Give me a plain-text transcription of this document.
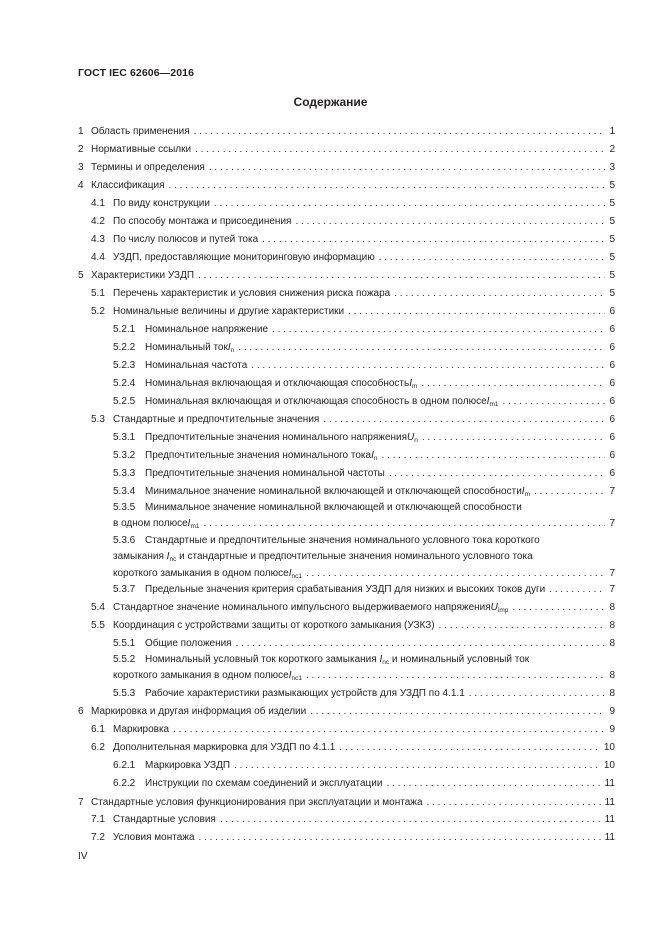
ГОСТ IEC 62606—2016
Содержание
1 Область применения . . .	1
2 Нормативные ссылки . . .	2
3 Термины и определения . . .	3
4 Классификация . . .	5
4.1 По виду конструкции . . .	5
4.2 По способу монтажа и присоединения . . .	5
4.3 По числу полюсов и путей тока . . .	5
4.4 УЗДП, предоставляющие мониторинговую информацию . . .	5
5 Характеристики УЗДП . . .	5
5.1 Перечень характеристик и условия снижения риска пожара . . .	5
5.2 Номинальные величины и другие характеристики . . .	6
5.2.1 Номинальное напряжение . . .	6
5.2.2 Номинальный ток $I_n$ . . .	6
5.2.3 Номинальная частота . . .	6
5.2.4 Номинальная включающая и отключающая способность $I_m$ . . .	6
5.2.5 Номинальная включающая и отключающая способность в одном полюсе $I_{m1}$ . . .	6
5.3 Стандартные и предпочтительные значения . . .	6
5.3.1 Предпочтительные значения номинального напряжения $U_n$ . . .	6
5.3.2 Предпочтительные значения номинального тока $I_n$ . . .	6
5.3.3 Предпочтительные значения номинальной частоты . . .	6
5.3.4 Минимальное значение номинальной включающей и отключающей способности $I_m$ . . .	7
5.3.5 Минимальное значение номинальной включающей и отключающей способности
в одном полюсе $I_{m1}$ . . .	7
5.3.6 Стандартные и предпочтительные значения номинального условного тока короткого
замыкания $I_{nc}$ и стандартные и предпочтительные значения номинального условного тока
короткого замыкания в одном полюсе $I_{nc1}$ . . .	7
5.3.7 Предельные значения критерия срабатывания УЗДП для низких и высоких токов дуги . . .	7
5.4 Стандартное значение номинального импульсного выдерживаемого напряжения $U_{imp}$ . . .	8
5.5 Координация с устройствами защиты от короткого замыкания (УЗКЗ) . . .	8
5.5.1 Общие положения . . .	8
5.5.2 Номинальный условный ток короткого замыкания $I_{nc}$ и номинальный условный ток
короткого замыкания в одном полюсе $I_{nc1}$ . . .	8
5.5.3 Рабочие характеристики размыкающих устройств для УЗДП по 4.1.1 . . .	8
6 Маркировка и другая информация об изделии . . .	9
6.1 Маркировка . . .	9
6.2 Дополнительная маркировка для УЗДП по 4.1.1 . . .	10
6.2.1 Маркировка УЗДП . . .	10
6.2.2 Инструкции по схемам соединений и эксплуатации . . .	11
7 Стандартные условия функционирования при эксплуатации и монтажа . . .	11
7.1 Стандартные условия . . .	11
7.2 Условия монтажа . . .	11
IV
